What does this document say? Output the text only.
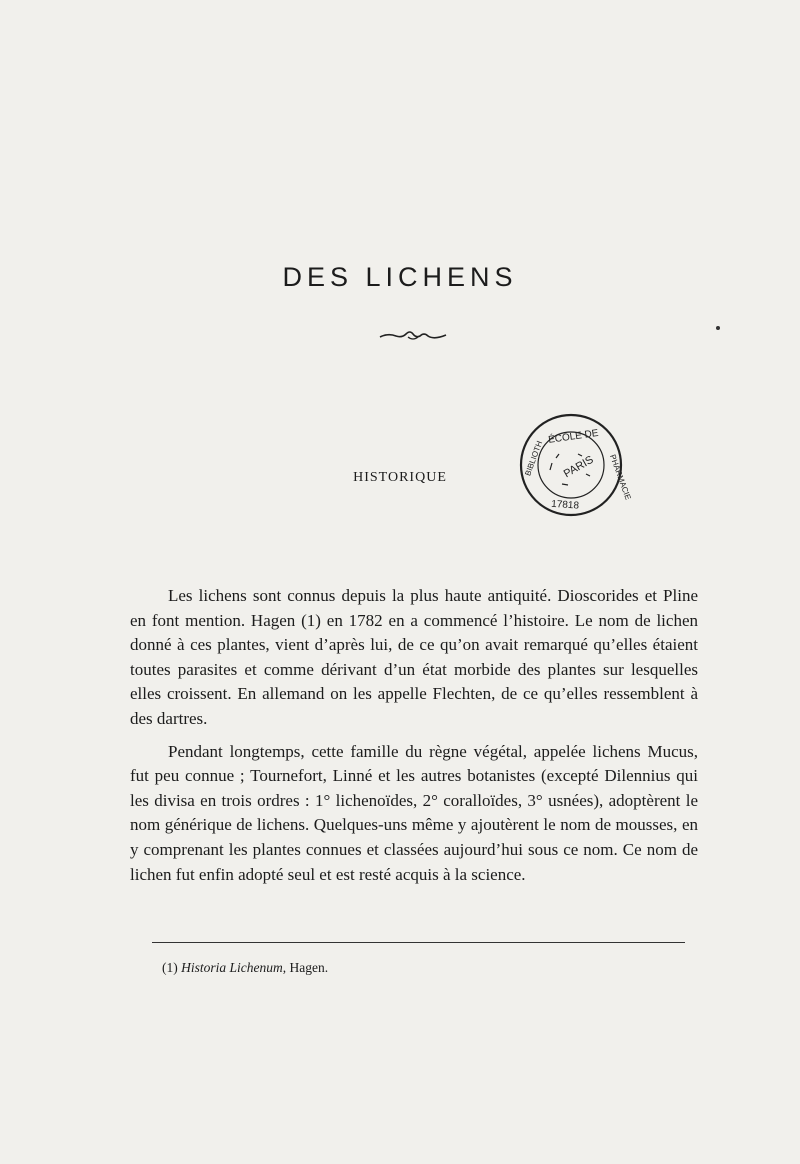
DES LICHENS
HISTORIQUE
ÉCOLE DE
PARIS
17818
BIBLIOTH	PHARMACIE

Les lichens sont connus depuis la plus haute antiquité. Dioscorides et Pline en font mention. Hagen (1) en 1782 en a commencé l’histoire. Le nom de lichen donné à ces plantes, vient d’après lui, de ce qu’on avait remarqué qu’elles étaient toutes parasites et comme dérivant d’un état morbide des plantes sur lesquelles elles croissent. En allemand on les appelle Flechten, de ce qu’elles ressemblent à des dartres.

Pendant longtemps, cette famille du règne végétal, appelée lichens Mucus, fut peu connue ; Tournefort, Linné et les autres botanistes (excepté Dilennius qui les divisa en trois ordres : 1° lichenoïdes, 2° coralloïdes, 3° usnées), adoptèrent le nom générique de lichens. Quelques-uns même y ajoutèrent le nom de mousses, en y comprenant les plantes connues et classées aujourd’hui sous ce nom. Ce nom de lichen fut enfin adopté seul et est resté acquis à la science.

(1) Historia Lichenum, Hagen.
